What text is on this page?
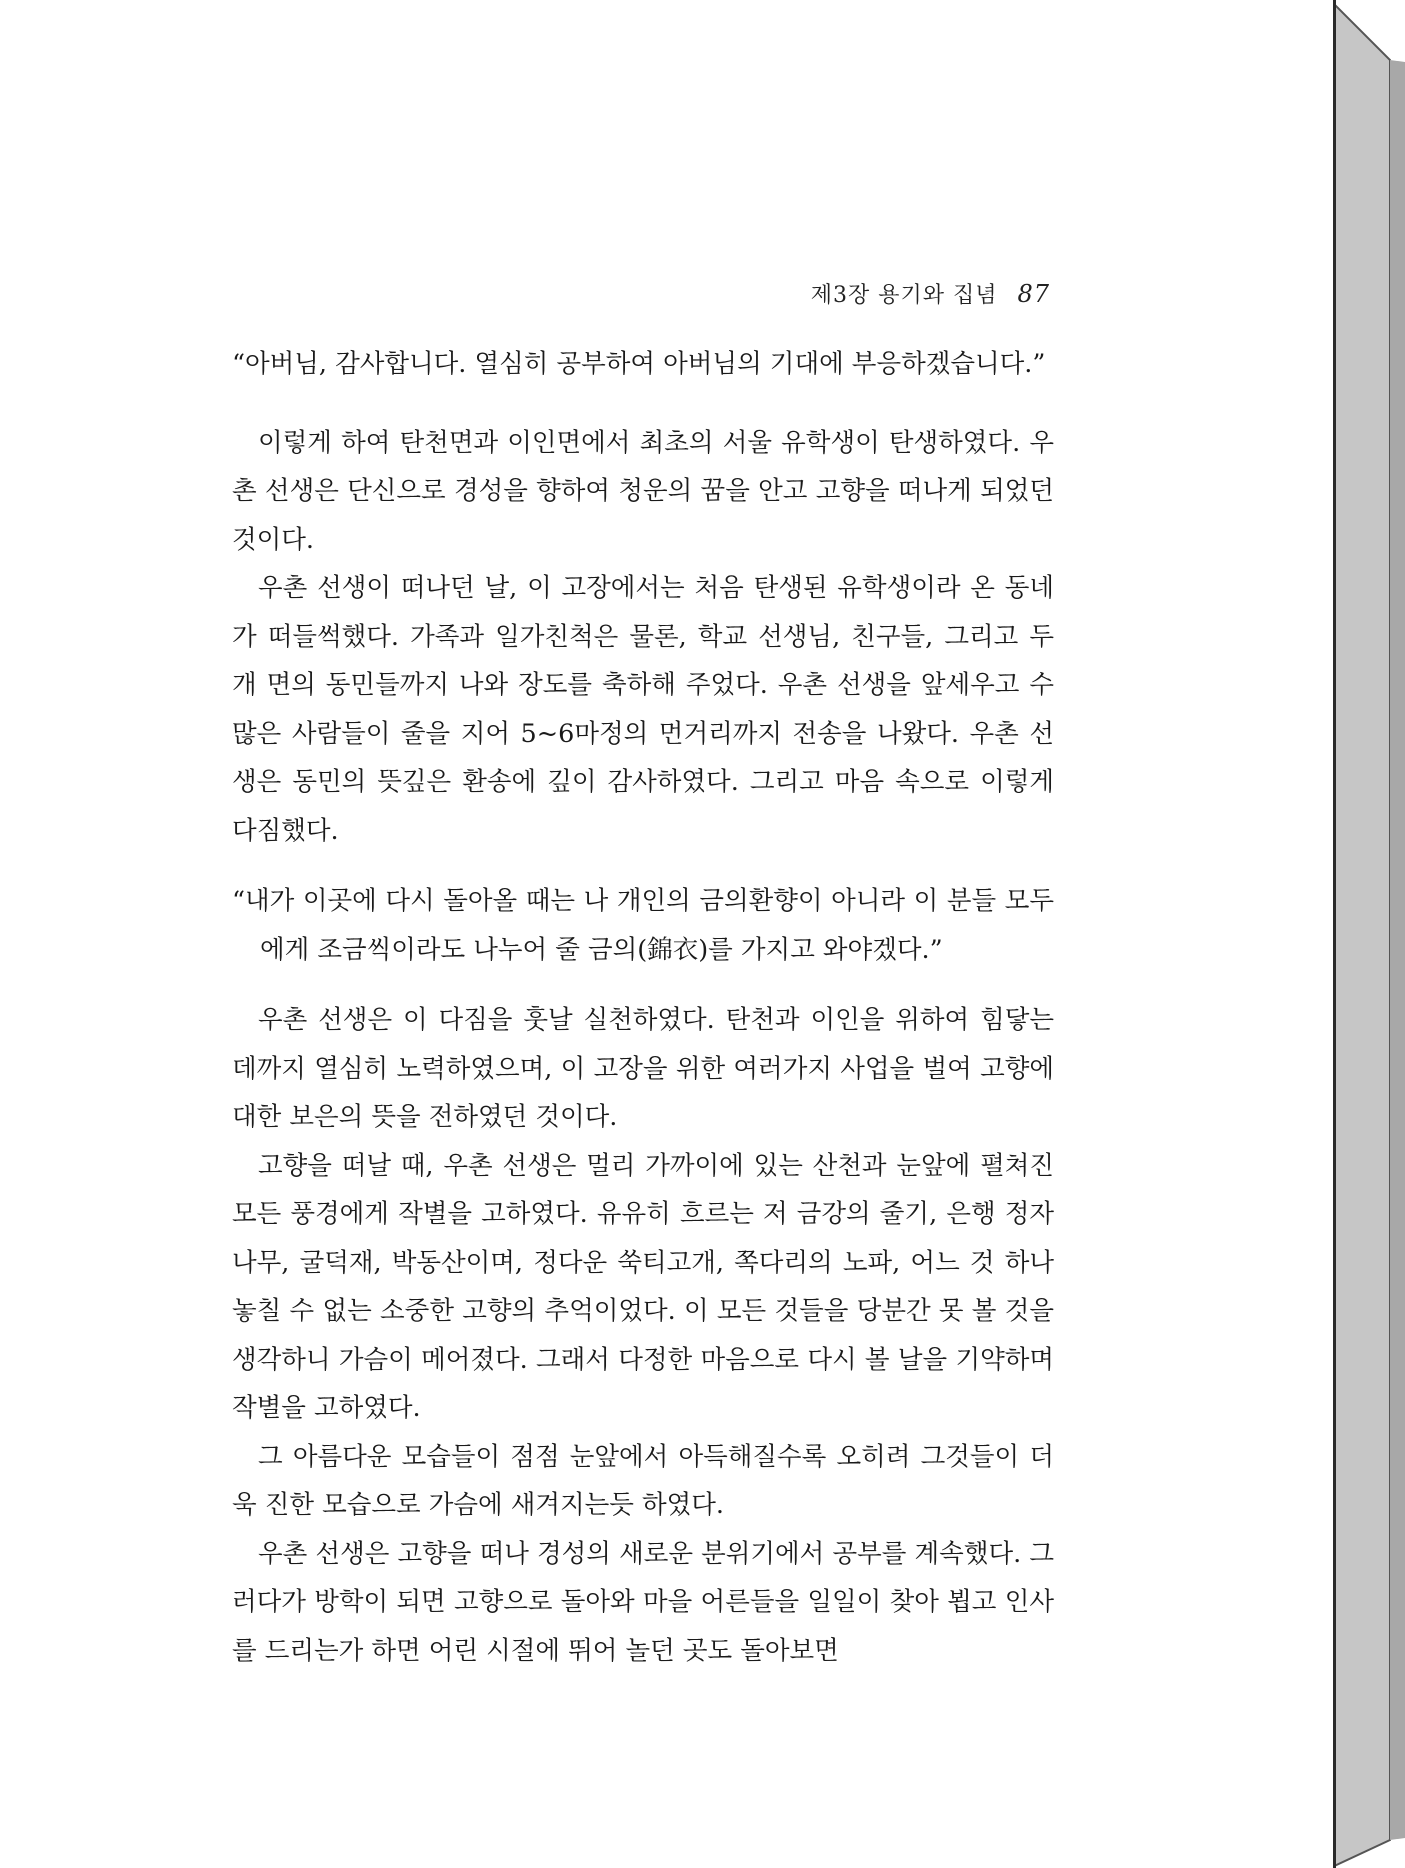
제3장 용기와 집념 87

“아버님, 감사합니다. 열심히 공부하여 아버님의 기대에 부응하겠습니다.”

이렇게 하여 탄천면과 이인면에서 최초의 서울 유학생이 탄생하였다. 우촌 선생은 단신으로 경성을 향하여 청운의 꿈을 안고 고향을 떠나게 되었던 것이다.

우촌 선생이 떠나던 날, 이 고장에서는 처음 탄생된 유학생이라 온 동네가 떠들썩했다. 가족과 일가친척은 물론, 학교 선생님, 친구들, 그리고 두 개 면의 동민들까지 나와 장도를 축하해 주었다. 우촌 선생을 앞세우고 수많은 사람들이 줄을 지어 5~6마정의 먼거리까지 전송을 나왔다. 우촌 선생은 동민의 뜻깊은 환송에 깊이 감사하였다. 그리고 마음 속으로 이렇게 다짐했다.

“내가 이곳에 다시 돌아올 때는 나 개인의 금의환향이 아니라 이 분들 모두에게 조금씩이라도 나누어 줄 금의(錦衣)를 가지고 와야겠다.”

우촌 선생은 이 다짐을 훗날 실천하였다. 탄천과 이인을 위하여 힘닿는 데까지 열심히 노력하였으며, 이 고장을 위한 여러가지 사업을 벌여 고향에 대한 보은의 뜻을 전하였던 것이다.

고향을 떠날 때, 우촌 선생은 멀리 가까이에 있는 산천과 눈앞에 펼쳐진 모든 풍경에게 작별을 고하였다. 유유히 흐르는 저 금강의 줄기, 은행 정자나무, 굴덕재, 박동산이며, 정다운 쑥티고개, 쪽다리의 노파, 어느 것 하나 놓칠 수 없는 소중한 고향의 추억이었다. 이 모든 것들을 당분간 못 볼 것을 생각하니 가슴이 메어졌다. 그래서 다정한 마음으로 다시 볼 날을 기약하며 작별을 고하였다.

그 아름다운 모습들이 점점 눈앞에서 아득해질수록 오히려 그것들이 더욱 진한 모습으로 가슴에 새겨지는듯 하였다.

우촌 선생은 고향을 떠나 경성의 새로운 분위기에서 공부를 계속했다. 그러다가 방학이 되면 고향으로 돌아와 마을 어른들을 일일이 찾아 뵙고 인사를 드리는가 하면 어린 시절에 뛰어 놀던 곳도 돌아보면
